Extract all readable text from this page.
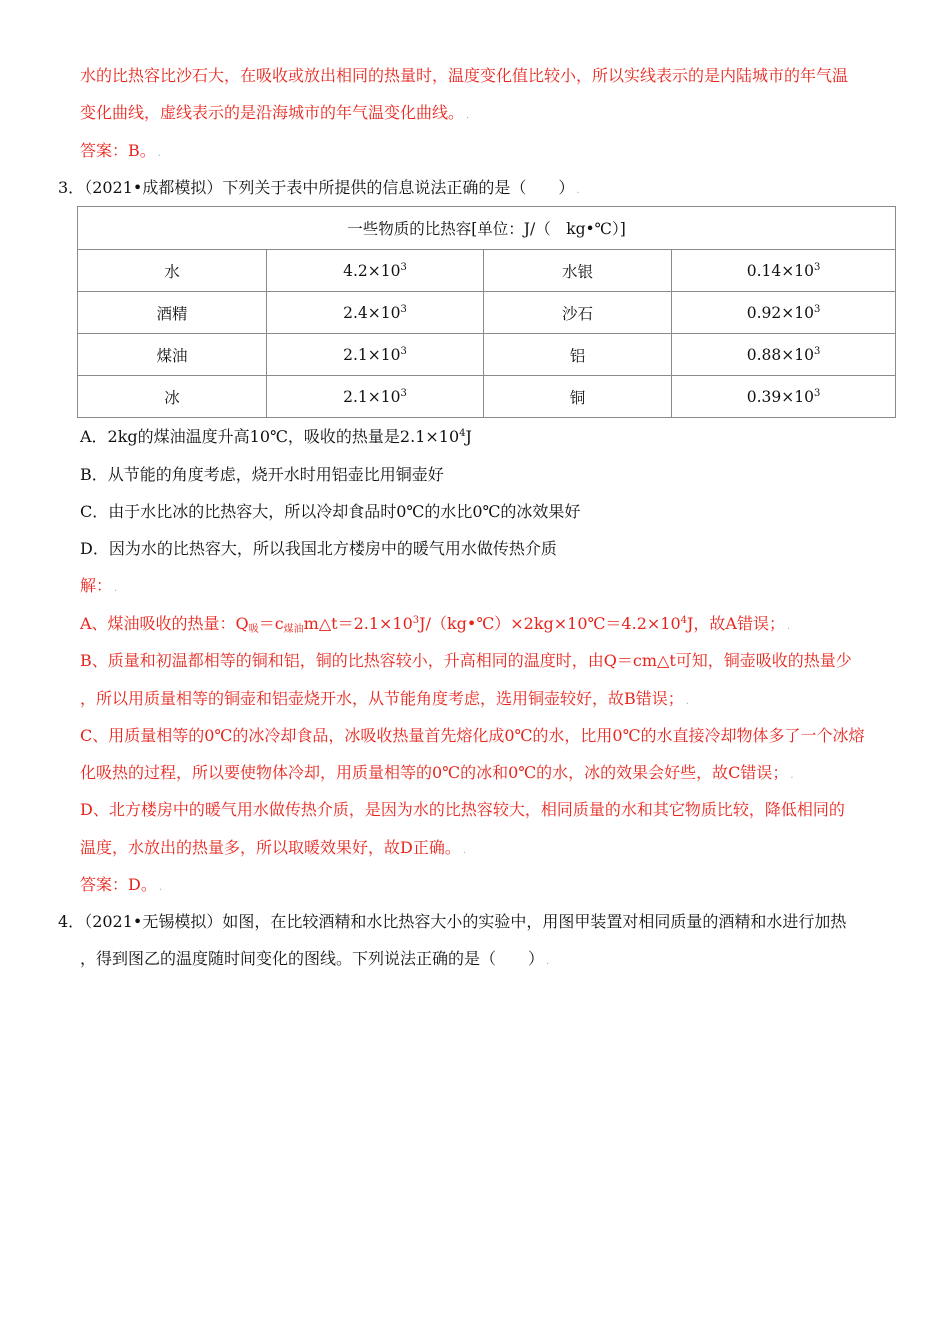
水的比热容比沙石大，在吸收或放出相同的热量时，温度变化值比较小，所以实线表示的是内陆城市的年气温
变化曲线，虚线表示的是沿海城市的年气温变化曲线。 .
答案：B。 .
3．（2021•成都模拟）下列关于表中所提供的信息说法正确的是（　　） .
一些物质的比热容[单位：J/（　kg•℃）]			
水	$4.2\times 10^3$	水银	$0.14\times 10^3$
酒精	$2.4\times 10^3$	沙石	$0.92\times 10^3$
煤油	$2.1\times 10^3$	铝	$0.88\times 10^3$
冰	$2.1\times 10^3$	铜	$0.39\times 10^3$
A．2kg的煤油温度升高10℃，吸收的热量是$2.1\times 10^4J$
B．从节能的角度考虑，烧开水时用铝壶比用铜壶好
C．由于水比冰的比热容大，所以冷却食品时0℃的水比0℃的冰效果好
D．因为水的比热容大，所以我国北方楼房中的暖气用水做传热介质
解： .
A、煤油吸收的热量：$Q_吸=c_{煤油}m\triangle t=2.1\times 10^3J/(kg•℃)\times 2kg\times 10℃=4.2\times 10^4J$，故A错误； .
B、质量和初温都相等的铜和铝，铜的比热容较小，升高相同的温度时，由Q＝cm△t可知，铜壶吸收的热量少
，所以用质量相等的铜壶和铝壶烧开水，从节能角度考虑，选用铜壶较好，故B错误； .
C、用质量相等的0℃的冰冷却食品，冰吸收热量首先熔化成0℃的水，比用0℃的水直接冷却物体多了一个冰熔
化吸热的过程，所以要使物体冷却，用质量相等的0℃的冰和0℃的水，冰的效果会好些，故C错误； .
D、北方楼房中的暖气用水做传热介质，是因为水的比热容较大，相同质量的水和其它物质比较，降低相同的
温度，水放出的热量多，所以取暖效果好，故D正确。 .
答案：D。 .
4．（2021•无锡模拟）如图，在比较酒精和水比热容大小的实验中，用图甲装置对相同质量的酒精和水进行加热
，得到图乙的温度随时间变化的图线。下列说法正确的是（　　） .
